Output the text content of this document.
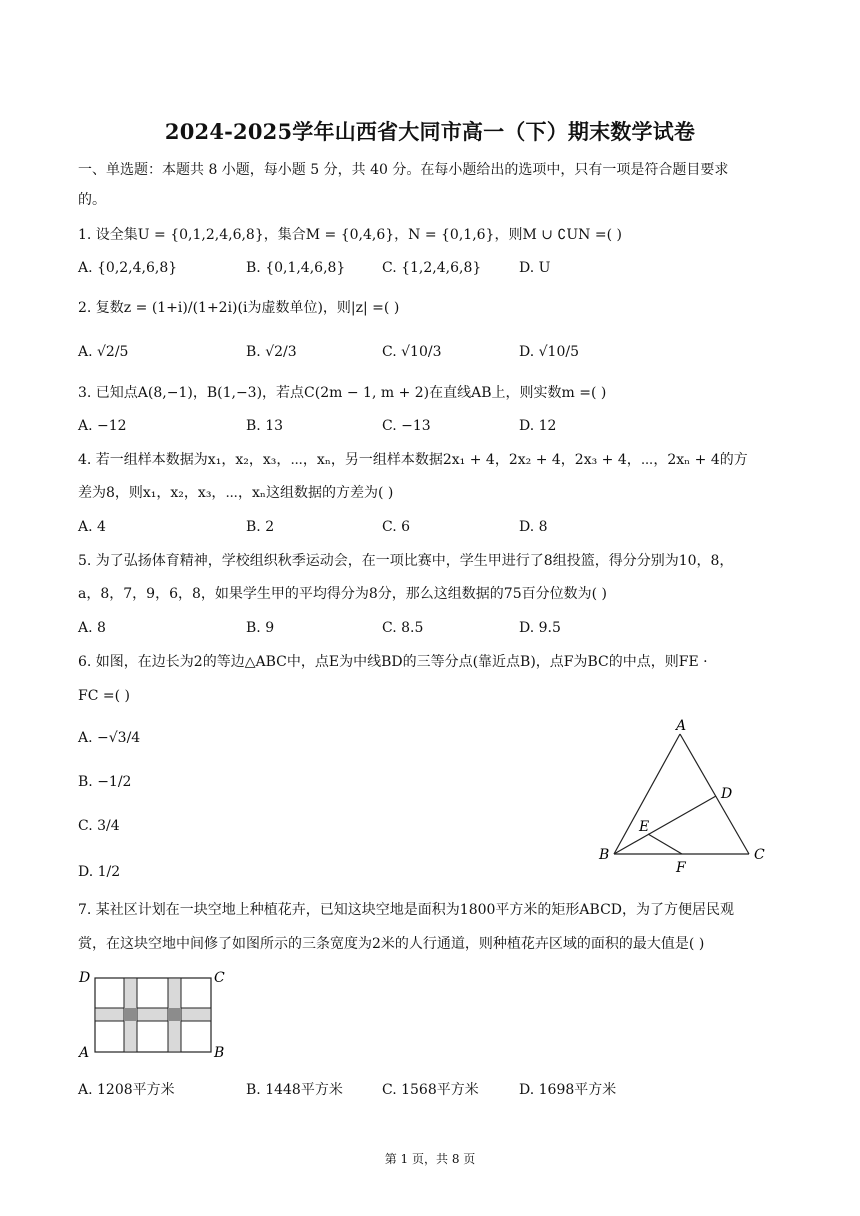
2024-2025学年山西省大同市高一（下）期末数学试卷
一、单选题：本题共 8 小题，每小题 5 分，共 40 分。在每小题给出的选项中，只有一项是符合题目要求
的。
1. 设全集U = {0,1,2,4,6,8}，集合M = {0,4,6}，N = {0,1,6}，则M ∪ ∁UN =( )
A. {0,2,4,6,8}	B. {0,1,4,6,8}	C. {1,2,4,6,8}	D. U
2. 复数z = (1+i)/(1+2i)(i为虚数单位)，则|z| =( )
A. √2/5	B. √2/3	C. √10/3	D. √10/5
3. 已知点A(8,−1)，B(1,−3)，若点C(2m − 1, m + 2)在直线AB上，则实数m =( )
A. −12	B. 13	C. −13	D. 12
4. 若一组样本数据为x₁，x₂，x₃，⋯，xₙ，另一组样本数据2x₁ + 4，2x₂ + 4，2x₃ + 4，⋯，2xₙ + 4的方
差为8，则x₁，x₂，x₃，⋯，xₙ这组数据的方差为( )
A. 4	B. 2	C. 6	D. 8
5. 为了弘扬体育精神，学校组织秋季运动会，在一项比赛中，学生甲进行了8组投篮，得分分别为10，8，
a，8，7，9，6，8，如果学生甲的平均得分为8分，那么这组数据的75百分位数为( )
A. 8	B. 9	C. 8.5	D. 9.5
6. 如图，在边长为2的等边△ABC中，点E为中线BD的三等分点(靠近点B)，点F为BC的中点，则FE ·
FC =( )
A. −√3/4
B. −1/2
C. 3/4
D. 1/2
A
B	C
D
E
F
7. 某社区计划在一块空地上种植花卉，已知这块空地是面积为1800平方米的矩形ABCD，为了方便居民观
赏，在这块空地中间修了如图所示的三条宽度为2米的人行通道，则种植花卉区域的面积的最大值是( )
D	C
A	B
A. 1208平方米	B. 1448平方米	C. 1568平方米	D. 1698平方米
第 1 页，共 8 页
